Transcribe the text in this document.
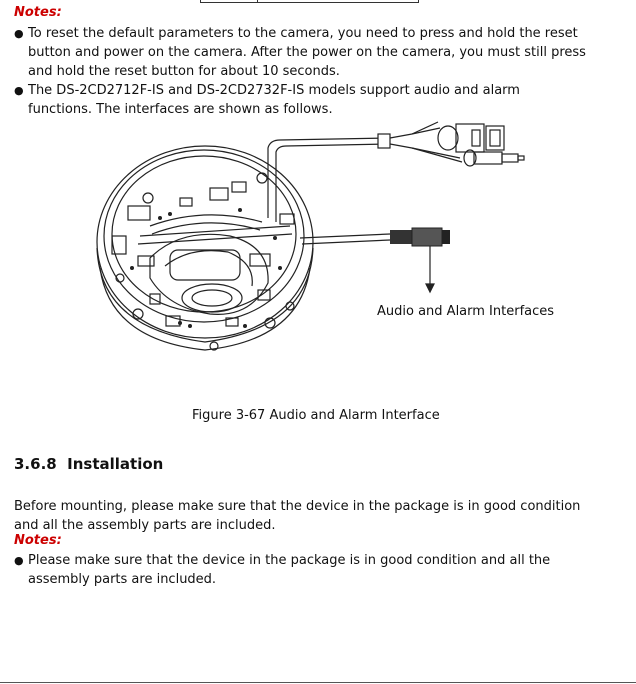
Notes:
● To reset the default parameters to the camera, you need to press and hold the reset button and power on the camera. After the power on the camera, you must still press and hold the reset button for about 10 seconds.
● The DS-2CD2712F-IS and DS-2CD2732F-IS models support audio and alarm functions. The interfaces are shown as follows.
Audio and Alarm Interfaces
Figure 3-67 Audio and Alarm Interface
3.6.8 Installation
Before mounting, please make sure that the device in the package is in good condition and all the assembly parts are included.
Notes:
● Please make sure that the device in the package is in good condition and all the assembly parts are included.
